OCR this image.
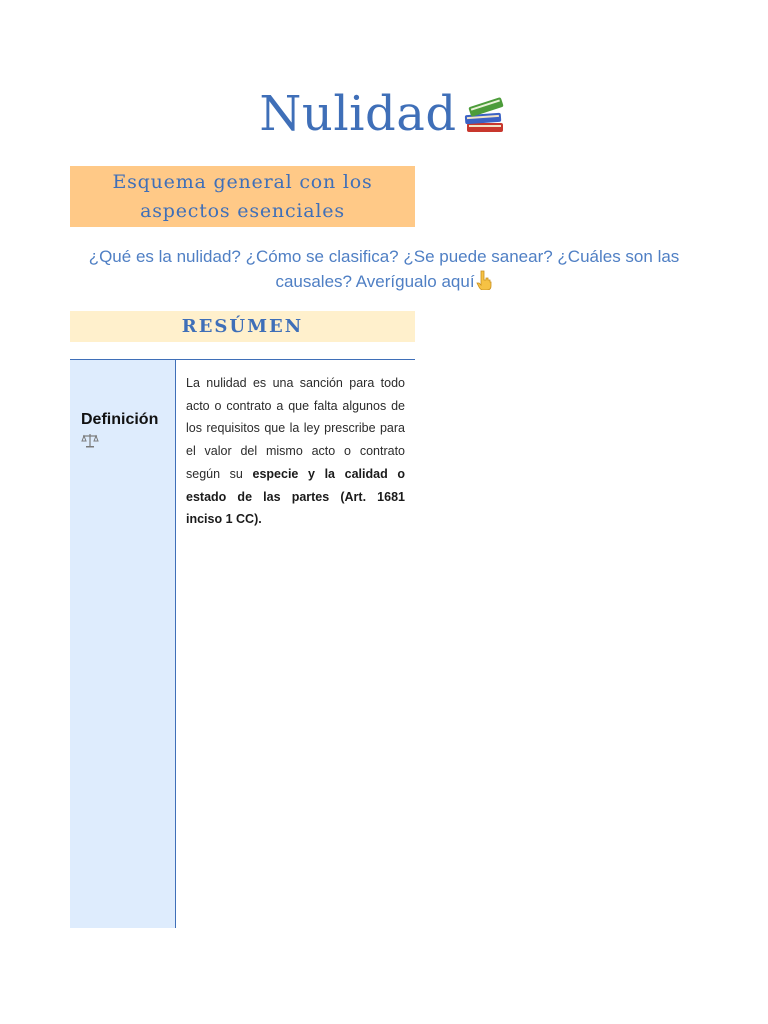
Nulidad
Esquema general con los
aspectos esenciales
¿Qué es la nulidad? ¿Cómo se clasifica? ¿Se puede sanear? ¿Cuáles son las
causales? Averígualo aquí
RESÚMEN
Definición
La nulidad es una sanción para todo acto o contrato a que falta algunos de los requisitos que la ley prescribe para el valor del mismo acto o contrato según su especie y la calidad o estado de las partes (Art. 1681 inciso 1 CC).
